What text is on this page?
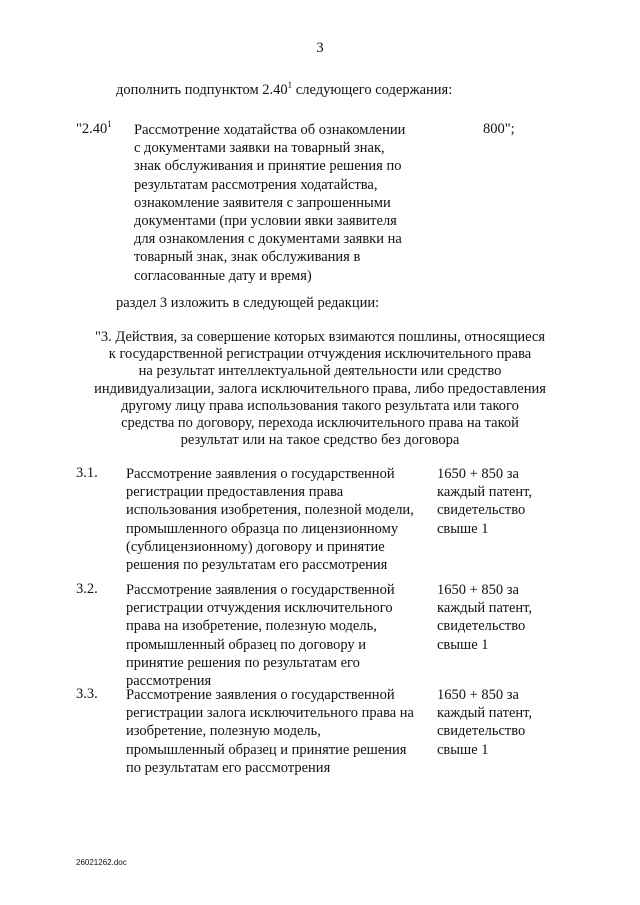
3
дополнить подпунктом 2.40$^1$ следующего содержания:
"2.40$^1$ Рассмотрение ходатайства об ознакомлении
с документами заявки на товарный знак,
знак обслуживания и принятие решения по
результатам рассмотрения ходатайства,
ознакомление заявителя с запрошенными
документами (при условии явки заявителя
для ознакомления с документами заявки на
товарный знак, знак обслуживания в
согласованные дату и время)
800";
раздел 3 изложить в следующей редакции:
"3. Действия, за совершение которых взимаются пошлины, относящиеся
к государственной регистрации отчуждения исключительного права
на результат интеллектуальной деятельности или средство
индивидуализации, залога исключительного права, либо предоставления
другому лицу права использования такого результата или такого
средства по договору, перехода исключительного права на такой
результат или на такое средство без договора
3.1. Рассмотрение заявления о государственной
регистрации предоставления права
использования изобретения, полезной модели,
промышленного образца по лицензионному
(сублицензионному) договору и принятие
решения по результатам его рассмотрения
1650 + 850 за
каждый патент,
свидетельство
свыше 1
3.2. Рассмотрение заявления о государственной
регистрации отчуждения исключительного
права на изобретение, полезную модель,
промышленный образец по договору и
принятие решения по результатам его
рассмотрения
1650 + 850 за
каждый патент,
свидетельство
свыше 1
3.3. Рассмотрение заявления о государственной
регистрации залога исключительного права на
изобретение, полезную модель,
промышленный образец и принятие решения
по результатам его рассмотрения
1650 + 850 за
каждый патент,
свидетельство
свыше 1
26021262.doc
